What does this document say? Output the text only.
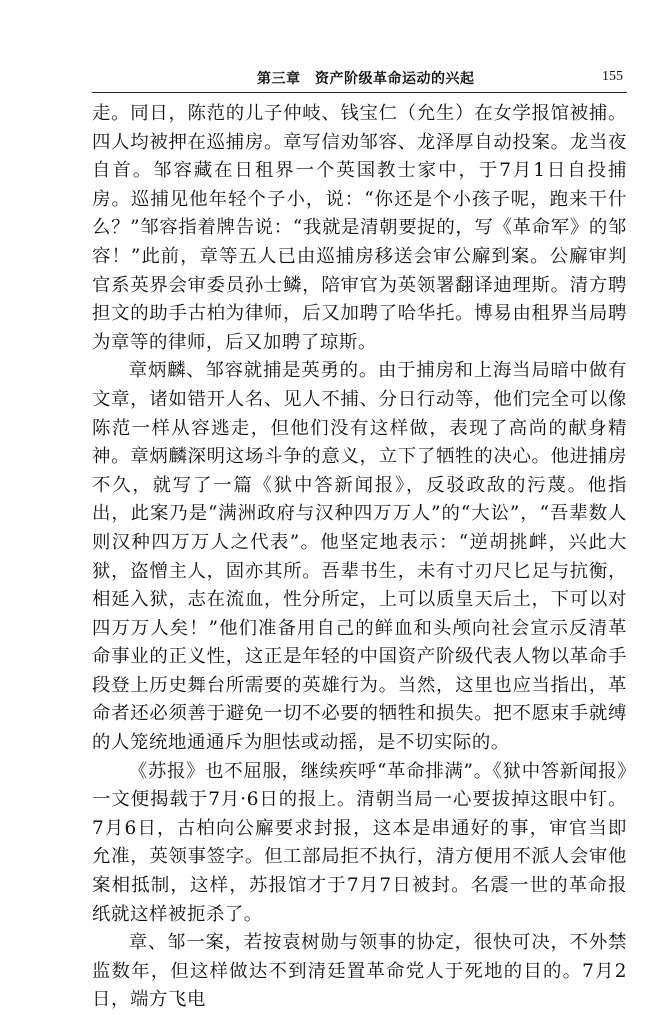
第三章　资产阶级革命运动的兴起	155

走。同日，陈范的儿子仲岐、钱宝仁（允生）在女学报馆被捕。四人均被押在巡捕房。章写信劝邹容、龙泽厚自动投案。龙当夜自首。邹容藏在日租界一个英国教士家中，于7月1日自投捕房。巡捕见他年轻个子小，说：“你还是个小孩子呢，跑来干什么？”邹容指着牌告说：“我就是清朝要捉的，写《革命军》的邹容！”此前，章等五人已由巡捕房移送会审公廨到案。公廨审判官系英界会审委员孙士鳞，陪审官为英领署翻译迪理斯。清方聘担文的助手古柏为律师，后又加聘了哈华托。博易由租界当局聘为章等的律师，后又加聘了琼斯。

章炳麟、邹容就捕是英勇的。由于捕房和上海当局暗中做有文章，诸如错开人名、见人不捕、分日行动等，他们完全可以像陈范一样从容逃走，但他们没有这样做，表现了高尚的献身精神。章炳麟深明这场斗争的意义，立下了牺牲的决心。他进捕房不久，就写了一篇《狱中答新闻报》，反驳政敌的污蔑。他指出，此案乃是“满洲政府与汉种四万万人”的“大讼”，“吾辈数人则汉种四万万人之代表”。他坚定地表示：“逆胡挑衅，兴此大狱，盗憎主人，固亦其所。吾辈书生，未有寸刃尺匕足与抗衡，相延入狱，志在流血，性分所定，上可以质皇天后土，下可以对四万万人矣！”他们准备用自己的鲜血和头颅向社会宣示反清革命事业的正义性，这正是年轻的中国资产阶级代表人物以革命手段登上历史舞台所需要的英雄行为。当然，这里也应当指出，革命者还必须善于避免一切不必要的牺牲和损失。把不愿束手就缚的人笼统地通通斥为胆怯或动摇，是不切实际的。

《苏报》也不屈服，继续疾呼“革命排满”。《狱中答新闻报》一文便揭载于7月·6日的报上。清朝当局一心要拔掉这眼中钉。7月6日，古柏向公廨要求封报，这本是串通好的事，审官当即允准，英领事签字。但工部局拒不执行，清方便用不派人会审他案相抵制，这样，苏报馆才于7月7日被封。名震一世的革命报纸就这样被扼杀了。

章、邹一案，若按袁树勋与领事的协定，很快可决，不外禁监数年，但这样做达不到清廷置革命党人于死地的目的。7月2日，端方飞电
